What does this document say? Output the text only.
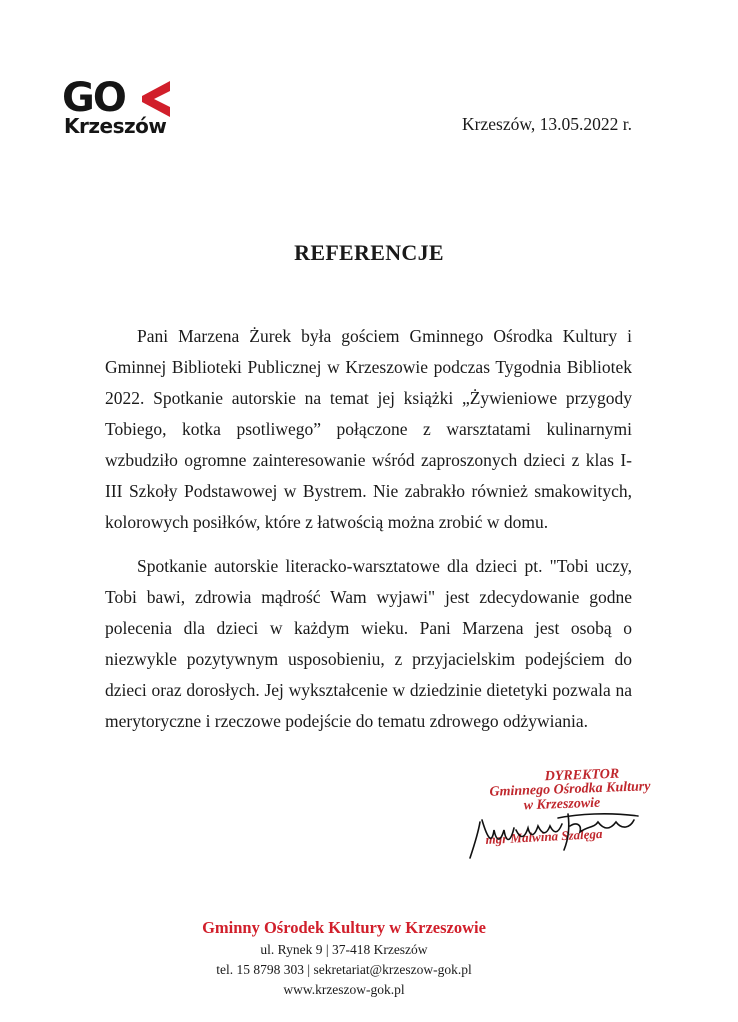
GO
Krzeszów	Krzeszów, 13.05.2022 r.
REFERENCJE

Pani Marzena Żurek była gościem Gminnego Ośrodka Kultury i Gminnej Biblioteki Publicznej w Krzeszowie podczas Tygodnia Bibliotek 2022. Spotkanie autorskie na temat jej książki „Żywieniowe przygody Tobiego, kotka psotliwego” połączone z warsztatami kulinarnymi wzbudziło ogromne zainteresowanie wśród zaproszonych dzieci z klas I-III Szkoły Podstawowej w Bystrem. Nie zabrakło również smakowitych, kolorowych posiłków, które z łatwością można zrobić w domu.

Spotkanie autorskie literacko-warsztatowe dla dzieci pt. "Tobi uczy, Tobi bawi, zdrowia mądrość Wam wyjawi" jest zdecydowanie godne polecenia dla dzieci w każdym wieku. Pani Marzena jest osobą o niezwykle pozytywnym usposobieniu, z przyjacielskim podejściem do dzieci oraz dorosłych. Jej wykształcenie w dziedzinie dietetyki pozwala na merytoryczne i rzeczowe podejście do tematu zdrowego odżywiania.

DYREKTOR
Gminnego Ośrodka Kultury
w Krzeszowie
mgr Malwina Szalęga
Gminny Ośrodek Kultury w Krzeszowie
ul. Rynek 9 | 37-418 Krzeszów
tel. 15 8798 303 | sekretariat@krzeszow-gok.pl
www.krzeszow-gok.pl
